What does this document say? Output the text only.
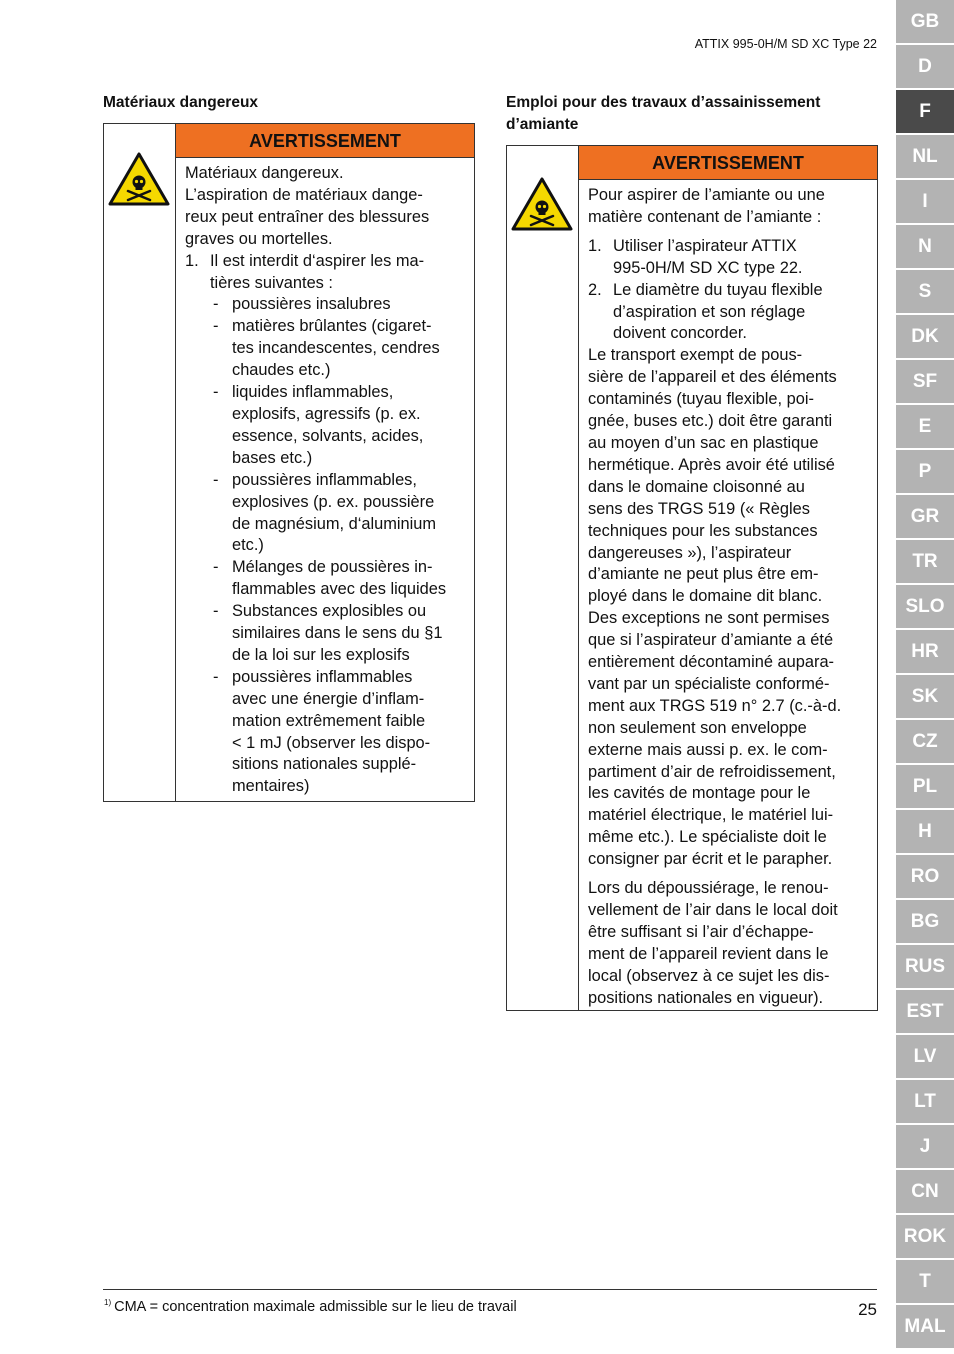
ATTIX 995-0H/M SD XC Type 22
Matériaux dangereux
AVERTISSEMENT

Matériaux dangereux.
L’aspiration de matériaux dange-
reux peut entraîner des blessures
graves ou mortelles.

1. Il est interdit d‘aspirer les ma-
tières suivantes :
- poussières insalubres
- matières brûlantes (cigaret-
tes incandescentes, cendres
chaudes etc.)
- liquides inflammables,
explosifs, agressifs (p. ex.
essence, solvants, acides,
bases etc.)
- poussières inflammables,
explosives (p. ex. poussière
de magnésium, d‘aluminium
etc.)
- Mélanges de poussières in-
flammables avec des liquides
- Substances explosibles ou
similaires dans le sens du §1
de la loi sur les explosifs
- poussières inflammables
avec une énergie d’inflam-
mation extrêmement faible
< 1 mJ (observer les dispo-
sitions nationales supplé-
mentaires)
Emploi pour des travaux d’assainissement
d’amiante
AVERTISSEMENT

Pour aspirer de l’amiante ou une
matière contenant de l’amiante :

1. Utiliser l’aspirateur ATTIX
995-0H/M SD XC type 22.
2. Le diamètre du tuyau flexible
d’aspiration et son réglage
doivent concorder.

Le transport exempt de pous-
sière de l’appareil et des éléments
contaminés (tuyau flexible, poi-
gnée, buses etc.) doit être garanti
au moyen d’un sac en plastique
hermétique. Après avoir été utilisé
dans le domaine cloisonné au
sens des TRGS 519 (« Règles
techniques pour les substances
dangereuses »), l’aspirateur
d’amiante ne peut plus être em-
ployé dans le domaine dit blanc.
Des exceptions ne sont permises
que si l’aspirateur d’amiante a été
entièrement décontaminé aupara-
vant par un spécialiste conformé-
ment aux TRGS 519 n° 2.7 (c.-à-d.
non seulement son enveloppe
externe mais aussi p. ex. le com-
partiment d’air de refroidissement,
les cavités de montage pour le
matériel électrique, le matériel lui-
même etc.). Le spécialiste doit le
consigner par écrit et le parapher.

Lors du dépoussiérage, le renou-
vellement de l’air dans le local doit
être suffisant si l’air d’échappe-
ment de l’appareil revient dans le
local (observez à ce sujet les dis-
positions nationales en vigueur).

GB
D
F
NL
I
N
S
DK
SF
E
P
GR
TR
SLO
HR
SK
CZ
PL
H
RO
BG
RUS
EST
LV
LT
J
CN
ROK
T
MAL
$^{1)}$ CMA = concentration maximale admissible sur le lieu de travail	25
